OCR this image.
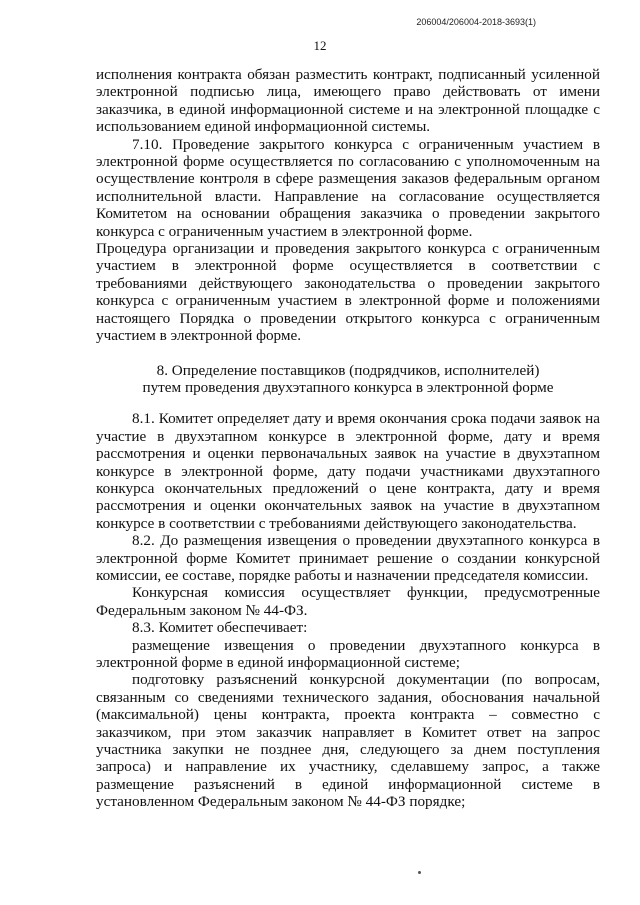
206004/206004-2018-3693(1)
12

исполнения контракта обязан разместить контракт, подписанный усиленной электронной подписью лица, имеющего право действовать от имени заказчика, в единой информационной системе и на электронной площадке с использованием единой информационной системы.

7.10. Проведение закрытого конкурса с ограниченным участием в электронной форме осуществляется по согласованию с уполномоченным на осуществление контроля в сфере размещения заказов федеральным органом исполнительной власти. Направление на согласование осуществляется Комитетом на основании обращения заказчика о проведении закрытого конкурса с ограниченным участием в электронной форме.

Процедура организации и проведения закрытого конкурса с ограниченным участием в электронной форме осуществляется в соответствии с требованиями действующего законодательства о проведении закрытого конкурса с ограниченным участием в электронной форме и положениями настоящего Порядка о проведении открытого конкурса с ограниченным участием в электронной форме.

8. Определение поставщиков (подрядчиков, исполнителей)
путем проведения двухэтапного конкурса в электронной форме

8.1. Комитет определяет дату и время окончания срока подачи заявок на участие в двухэтапном конкурсе в электронной форме, дату и время рассмотрения и оценки первоначальных заявок на участие в двухэтапном конкурсе в электронной форме, дату подачи участниками двухэтапного конкурса окончательных предложений о цене контракта, дату и время рассмотрения и оценки окончательных заявок на участие в двухэтапном конкурсе в соответствии с требованиями действующего законодательства.

8.2. До размещения извещения о проведении двухэтапного конкурса в электронной форме Комитет принимает решение о создании конкурсной комиссии, ее составе, порядке работы и назначении председателя комиссии.

Конкурсная комиссия осуществляет функции, предусмотренные Федеральным законом № 44-ФЗ.

8.3. Комитет обеспечивает:

размещение извещения о проведении двухэтапного конкурса в электронной форме в единой информационной системе;

подготовку разъяснений конкурсной документации (по вопросам, связанным со сведениями технического задания, обоснования начальной (максимальной) цены контракта, проекта контракта – совместно с заказчиком, при этом заказчик направляет в Комитет ответ на запрос участника закупки не позднее дня, следующего за днем поступления запроса) и направление их участнику, сделавшему запрос, а также размещение разъяснений в единой информационной системе в установленном Федеральным законом № 44-ФЗ порядке;
